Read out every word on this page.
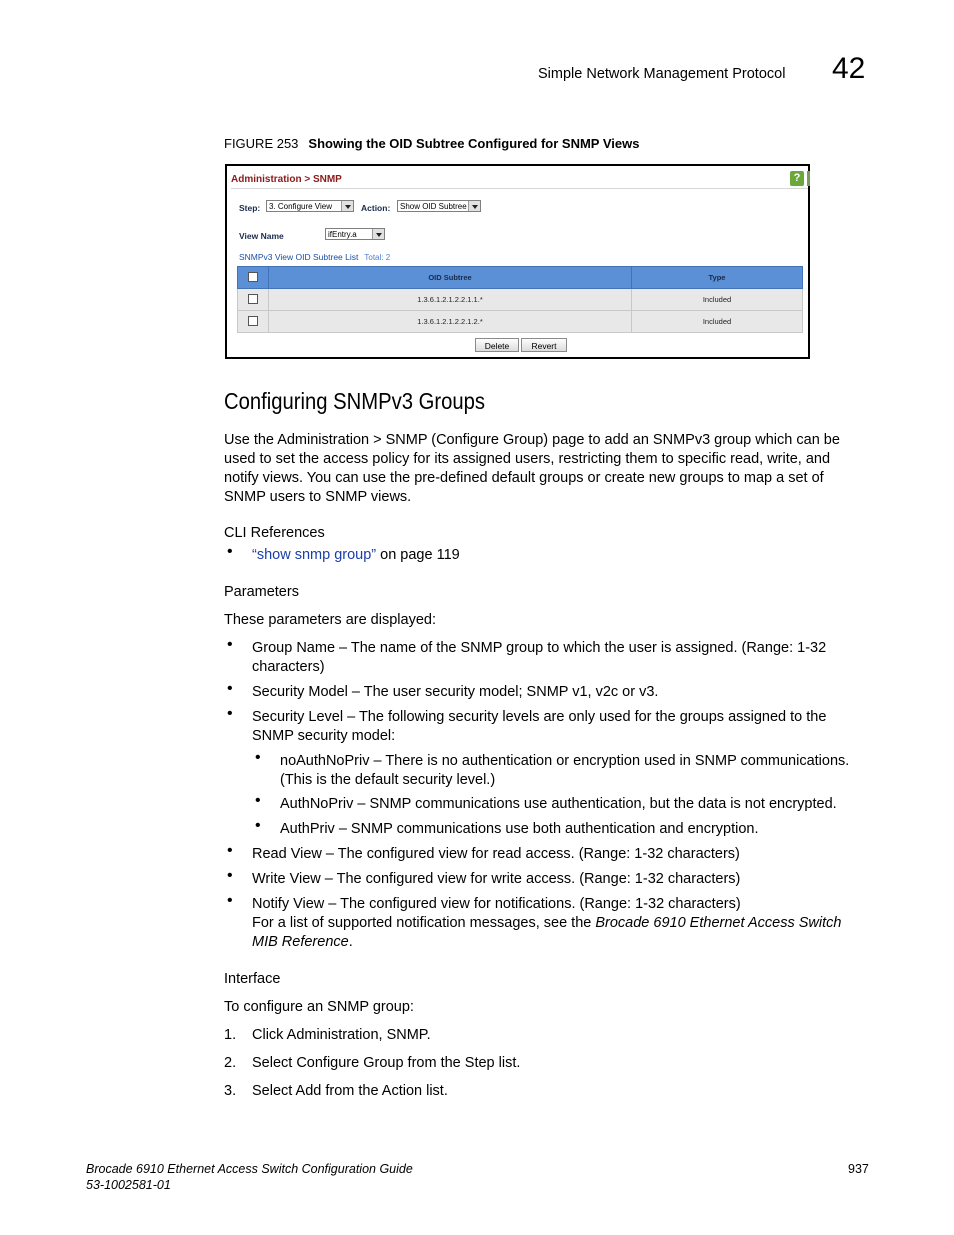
Simple Network Management Protocol 42
FIGURE 253 Showing the OID Subtree Configured for SNMP Views
Administration > SNMP	?
Step:	3. Configure View	Action:	Show OID Subtree
View Name	ifEntry.a
SNMPv3 View OID Subtree List Total: 2
	OID Subtree	Type
	1.3.6.1.2.1.2.2.1.1.*	Included
	1.3.6.1.2.1.2.2.1.2.*	Included
Delete	Revert
Configuring SNMPv3 Groups
Use the Administration > SNMP (Configure Group) page to add an SNMPv3 group which can be used to set the access policy for its assigned users, restricting them to specific read, write, and notify views. You can use the pre-defined default groups or create new groups to map a set of SNMP users to SNMP views.
CLI References
• “show snmp group” on page 119
Parameters
These parameters are displayed:
• Group Name – The name of the SNMP group to which the user is assigned. (Range: 1-32 characters)
• Security Model – The user security model; SNMP v1, v2c or v3.
• Security Level – The following security levels are only used for the groups assigned to the SNMP security model:
• noAuthNoPriv – There is no authentication or encryption used in SNMP communications. (This is the default security level.)
• AuthNoPriv – SNMP communications use authentication, but the data is not encrypted.
• AuthPriv – SNMP communications use both authentication and encryption.
• Read View – The configured view for read access. (Range: 1-32 characters)
• Write View – The configured view for write access. (Range: 1-32 characters)
• Notify View – The configured view for notifications. (Range: 1-32 characters)
For a list of supported notification messages, see the Brocade 6910 Ethernet Access Switch MIB Reference.
Interface
To configure an SNMP group:
1. Click Administration, SNMP.
2. Select Configure Group from the Step list.
3. Select Add from the Action list.
Brocade 6910 Ethernet Access Switch Configuration Guide
53-1002581-01
937
